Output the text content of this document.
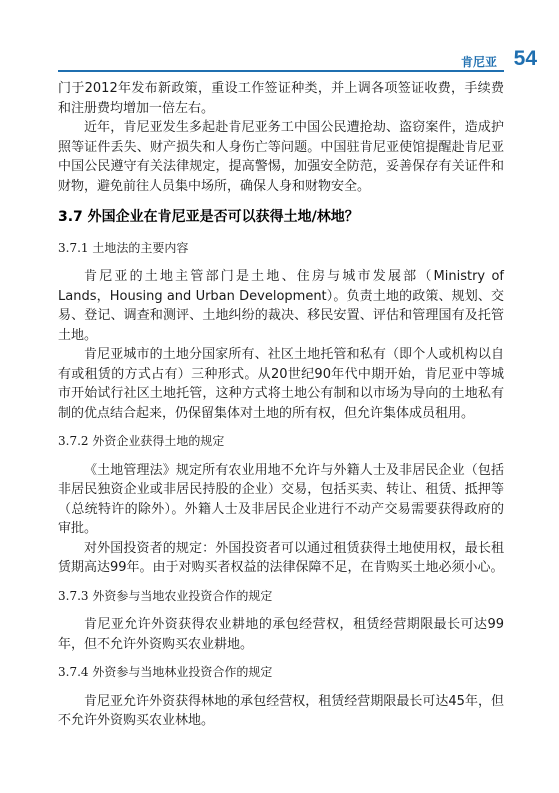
肯尼亚 54

门于2012年发布新政策，重设工作签证种类，并上调各项签证收费，手续费和注册费均增加一倍左右。

近年，肯尼亚发生多起赴肯尼亚务工中国公民遭抢劫、盗窃案件，造成护照等证件丢失、财产损失和人身伤亡等问题。中国驻肯尼亚使馆提醒赴肯尼亚中国公民遵守有关法律规定，提高警惕，加强安全防范，妥善保存有关证件和财物，避免前往人员集中场所，确保人身和财物安全。

3.7 外国企业在肯尼亚是否可以获得土地/林地？
3.7.1 土地法的主要内容

肯尼亚的土地主管部门是土地、住房与城市发展部（Ministry of Lands，Housing and Urban Development）。负责土地的政策、规划、交易、登记、调查和测评、土地纠纷的裁决、移民安置、评估和管理国有及托管土地。

肯尼亚城市的土地分国家所有、社区土地托管和私有（即个人或机构以自有或租赁的方式占有）三种形式。从20世纪90年代中期开始，肯尼亚中等城市开始试行社区土地托管，这种方式将土地公有制和以市场为导向的土地私有制的优点结合起来，仍保留集体对土地的所有权，但允许集体成员租用。

3.7.2 外资企业获得土地的规定

《土地管理法》规定所有农业用地不允许与外籍人士及非居民企业（包括非居民独资企业或非居民持股的企业）交易，包括买卖、转让、租赁、抵押等（总统特许的除外）。外籍人士及非居民企业进行不动产交易需要获得政府的审批。

对外国投资者的规定：外国投资者可以通过租赁获得土地使用权，最长租赁期高达99年。由于对购买者权益的法律保障不足，在肯购买土地必须小心。

3.7.3 外资参与当地农业投资合作的规定

肯尼亚允许外资获得农业耕地的承包经营权，租赁经营期限最长可达99年，但不允许外资购买农业耕地。

3.7.4 外资参与当地林业投资合作的规定

肯尼亚允许外资获得林地的承包经营权，租赁经营期限最长可达45年，但不允许外资购买农业林地。
